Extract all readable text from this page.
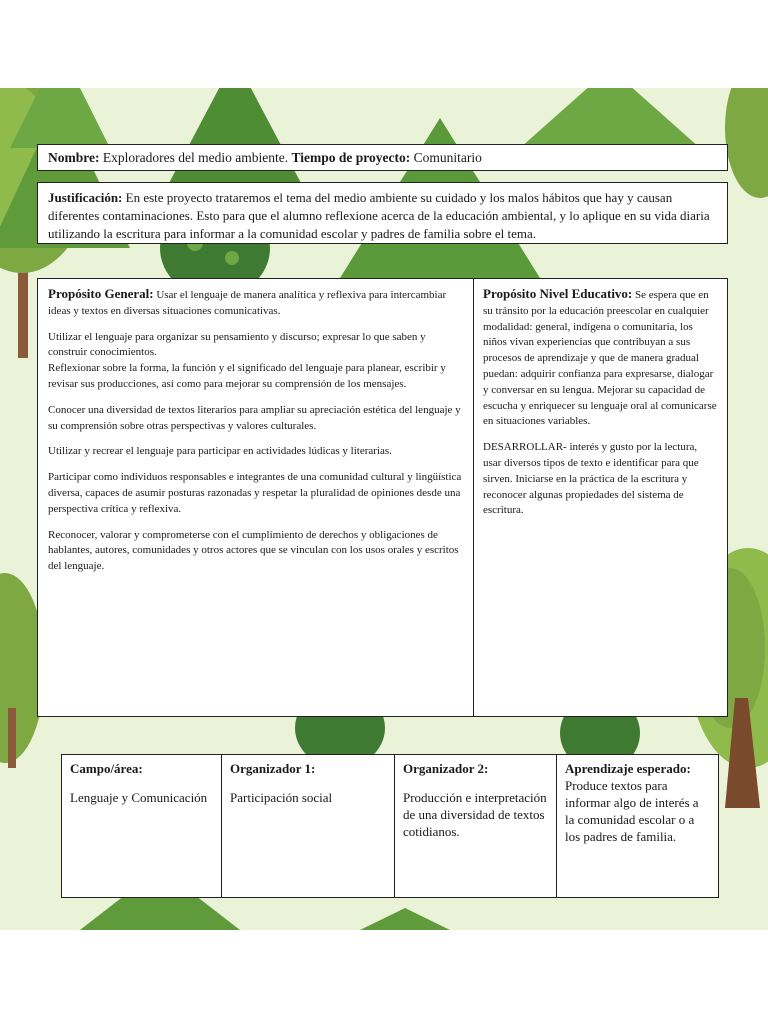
Nombre: Exploradores del medio ambiente. Tiempo de proyecto: Comunitario
Justificación: En este proyecto trataremos el tema del medio ambiente su cuidado y los malos hábitos que hay y causan diferentes contaminaciones. Esto para que el alumno reflexione acerca de la educación ambiental, y lo aplique en su vida diaria utilizando la escritura para informar a la comunidad escolar y padres de familia sobre el tema.

Propósito General: Usar el lenguaje de manera analítica y reflexiva para intercambiar ideas y textos en diversas situaciones comunicativas.

Utilizar el lenguaje para organizar su pensamiento y discurso; expresar lo que saben y construir conocimientos.

Reflexionar sobre la forma, la función y el significado del lenguaje para planear, escribir y revisar sus producciones, así como para mejorar su comprensión de los mensajes.

Conocer una diversidad de textos literarios para ampliar su apreciación estética del lenguaje y su comprensión sobre otras perspectivas y valores culturales.

Utilizar y recrear el lenguaje para participar en actividades lúdicas y literarias.

Participar como individuos responsables e integrantes de una comunidad cultural y lingüística diversa, capaces de asumir posturas razonadas y respetar la pluralidad de opiniones desde una perspectiva crítica y reflexiva.

Reconocer, valorar y comprometerse con el cumplimiento de derechos y obligaciones de hablantes, autores, comunidades y otros actores que se vinculan con los usos orales y escritos del lenguaje.

Propósito Nivel Educativo: Se espera que en su tránsito por la educación preescolar en cualquier modalidad: general, indígena o comunitaria, los niños vivan experiencias que contribuyan a sus procesos de aprendizaje y que de manera gradual puedan: adquirir confianza para expresarse, dialogar y conversar en su lengua. Mejorar su capacidad de escucha y enriquecer su lenguaje oral al comunicarse en situaciones variables.

DESARROLLAR- interés y gusto por la lectura, usar diversos tipos de texto e identificar para que sirven. Iniciarse en la práctica de la escritura y reconocer algunas propiedades del sistema de escritura.

Campo/área:
Lenguaje y Comunicación
Organizador 1:
Participación social
Organizador 2:
Producción e interpretación de una diversidad de textos cotidianos.
Aprendizaje esperado:
Produce textos para informar algo de interés a la comunidad escolar o a los padres de familia.
